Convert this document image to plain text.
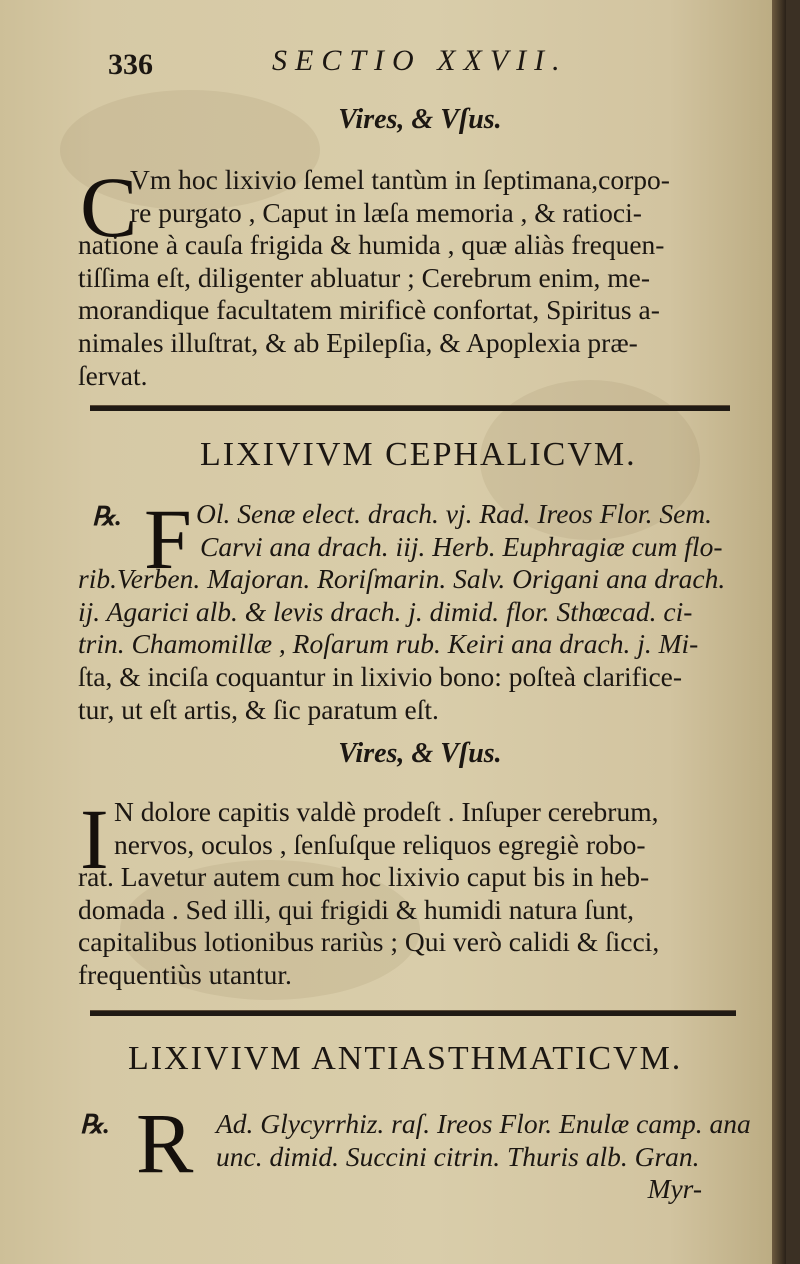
336	SECTIO XXVII.
Vires, & Vſus.
C
Vm hoc lixivio ſemel tantùm in ſeptimana,corpo-
re purgato , Caput in læſa memoria , & ratioci-
natione à cauſa frigida & humida , quæ aliàs frequen-
tiſſima eſt, diligenter abluatur ; Cerebrum enim, me-
morandique facultatem mirificè confortat, Spiritus a-
nimales illuſtrat, & ab Epilepſia, & Apoplexia præ-
ſervat.
LIXIVIVM CEPHALICVM.
℞. F Ol. Senæ elect. drach. vj. Rad. Ireos Flor. Sem.
Carvi ana drach. iij. Herb. Euphragiæ cum flo-
rib.Verben. Majoran. Roriſmarin. Salv. Origani ana drach.
ij. Agarici alb. & levis drach. j. dimid. flor. Sthœcad. ci-
trin. Chamomillæ , Roſarum rub. Keiri ana drach. j. Mi-
ſta, & inciſa coquantur in lixivio bono: poſteà clarifice-
tur, ut eſt artis, & ſic paratum eſt.
Vires, & Vſus.
I N dolore capitis valdè prodeſt . Inſuper cerebrum,
nervos, oculos , ſenſuſque reliquos egregiè robo-
rat. Lavetur autem cum hoc lixivio caput bis in heb-
domada . Sed illi, qui frigidi & humidi natura ſunt,
capitalibus lotionibus rariùs ; Qui verò calidi & ſicci,
frequentiùs utantur.
LIXIVIVM ANTIASTHMATICVM.
℞. R Ad. Glycyrrhiz. raſ. Ireos Flor. Enulæ camp. ana
unc. dimid. Succini citrin. Thuris alb. Gran.
Myr-
